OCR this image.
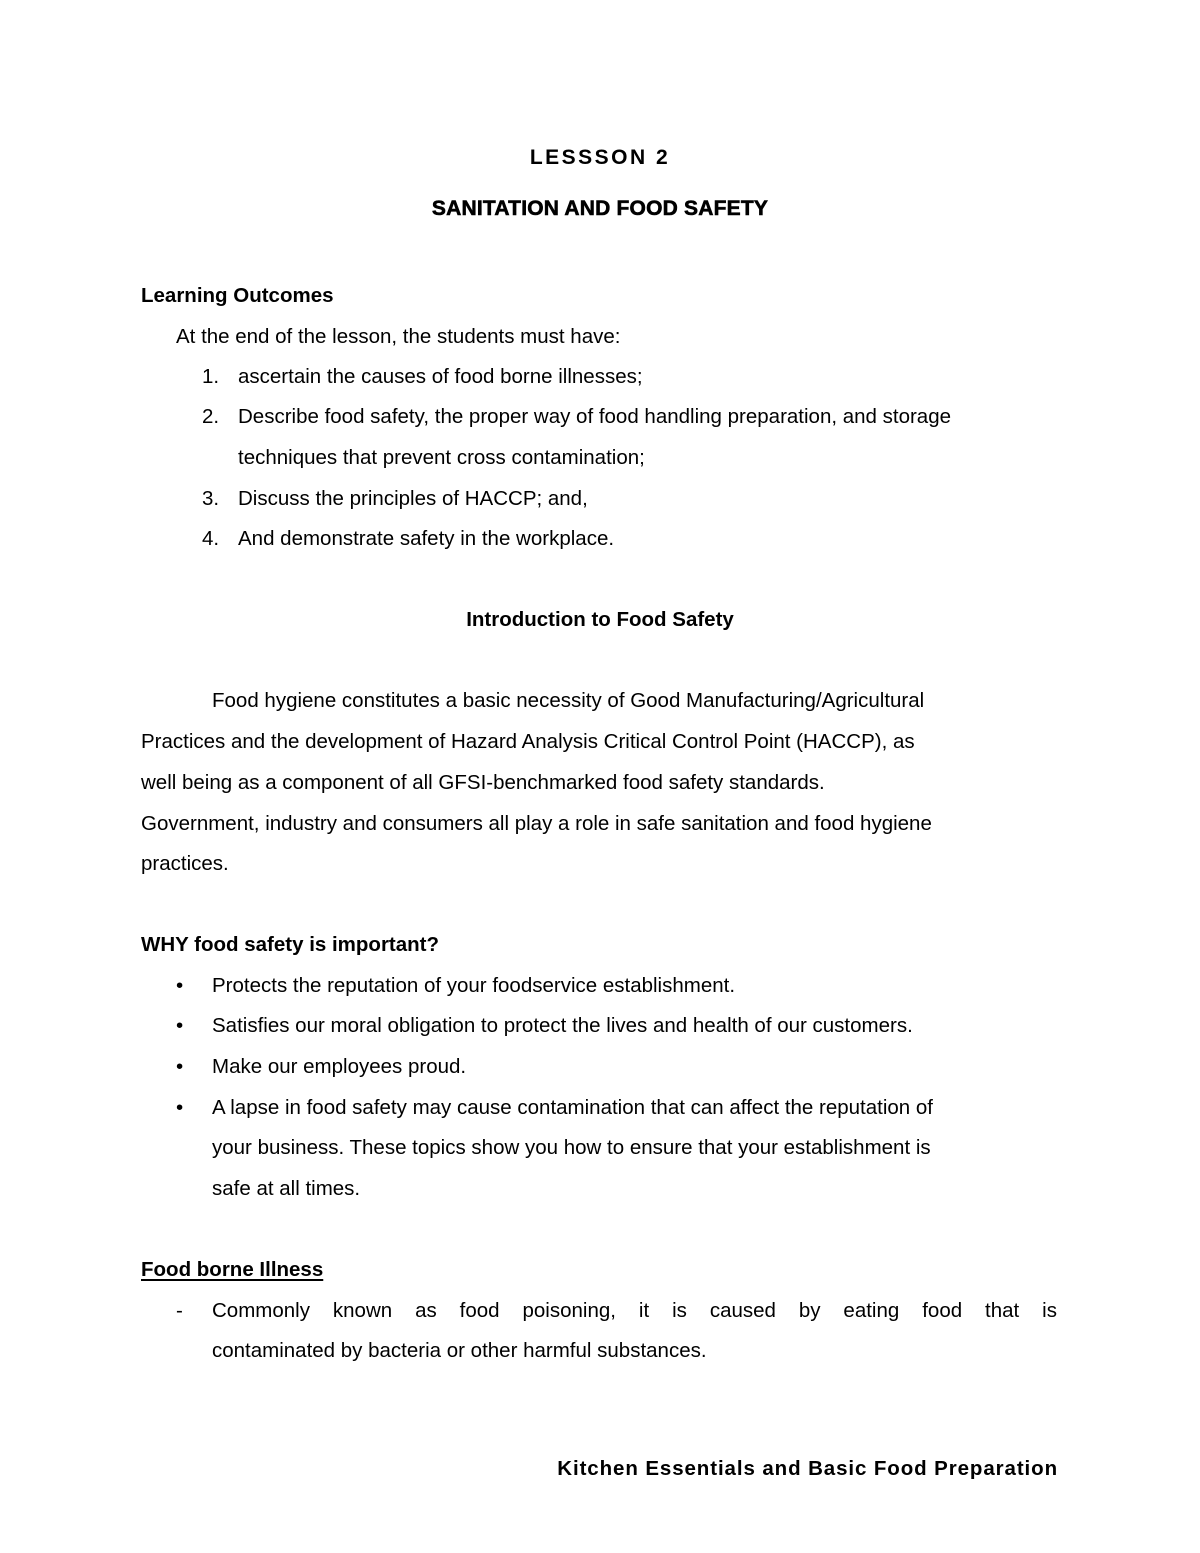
LESSSON 2
SANITATION AND FOOD SAFETY
Learning Outcomes
At the end of the lesson, the students must have:
1. ascertain the causes of food borne illnesses;
2. Describe food safety, the proper way of food handling preparation, and storage
techniques that prevent cross contamination;
3. Discuss the principles of HACCP; and,
4. And demonstrate safety in the workplace.
Introduction to Food Safety
Food hygiene constitutes a basic necessity of Good Manufacturing/Agricultural
Practices and the development of Hazard Analysis Critical Control Point (HACCP), as
well being as a component of all GFSI-benchmarked food safety standards.
Government, industry and consumers all play a role in safe sanitation and food hygiene
practices.
WHY food safety is important?
• Protects the reputation of your foodservice establishment.
• Satisfies our moral obligation to protect the lives and health of our customers.
• Make our employees proud.
• A lapse in food safety may cause contamination that can affect the reputation of
your business. These topics show you how to ensure that your establishment is
safe at all times.
Food borne Illness
- Commonly known as food poisoning, it is caused by eating food that is
contaminated by bacteria or other harmful substances.
Kitchen Essentials and Basic Food Preparation
